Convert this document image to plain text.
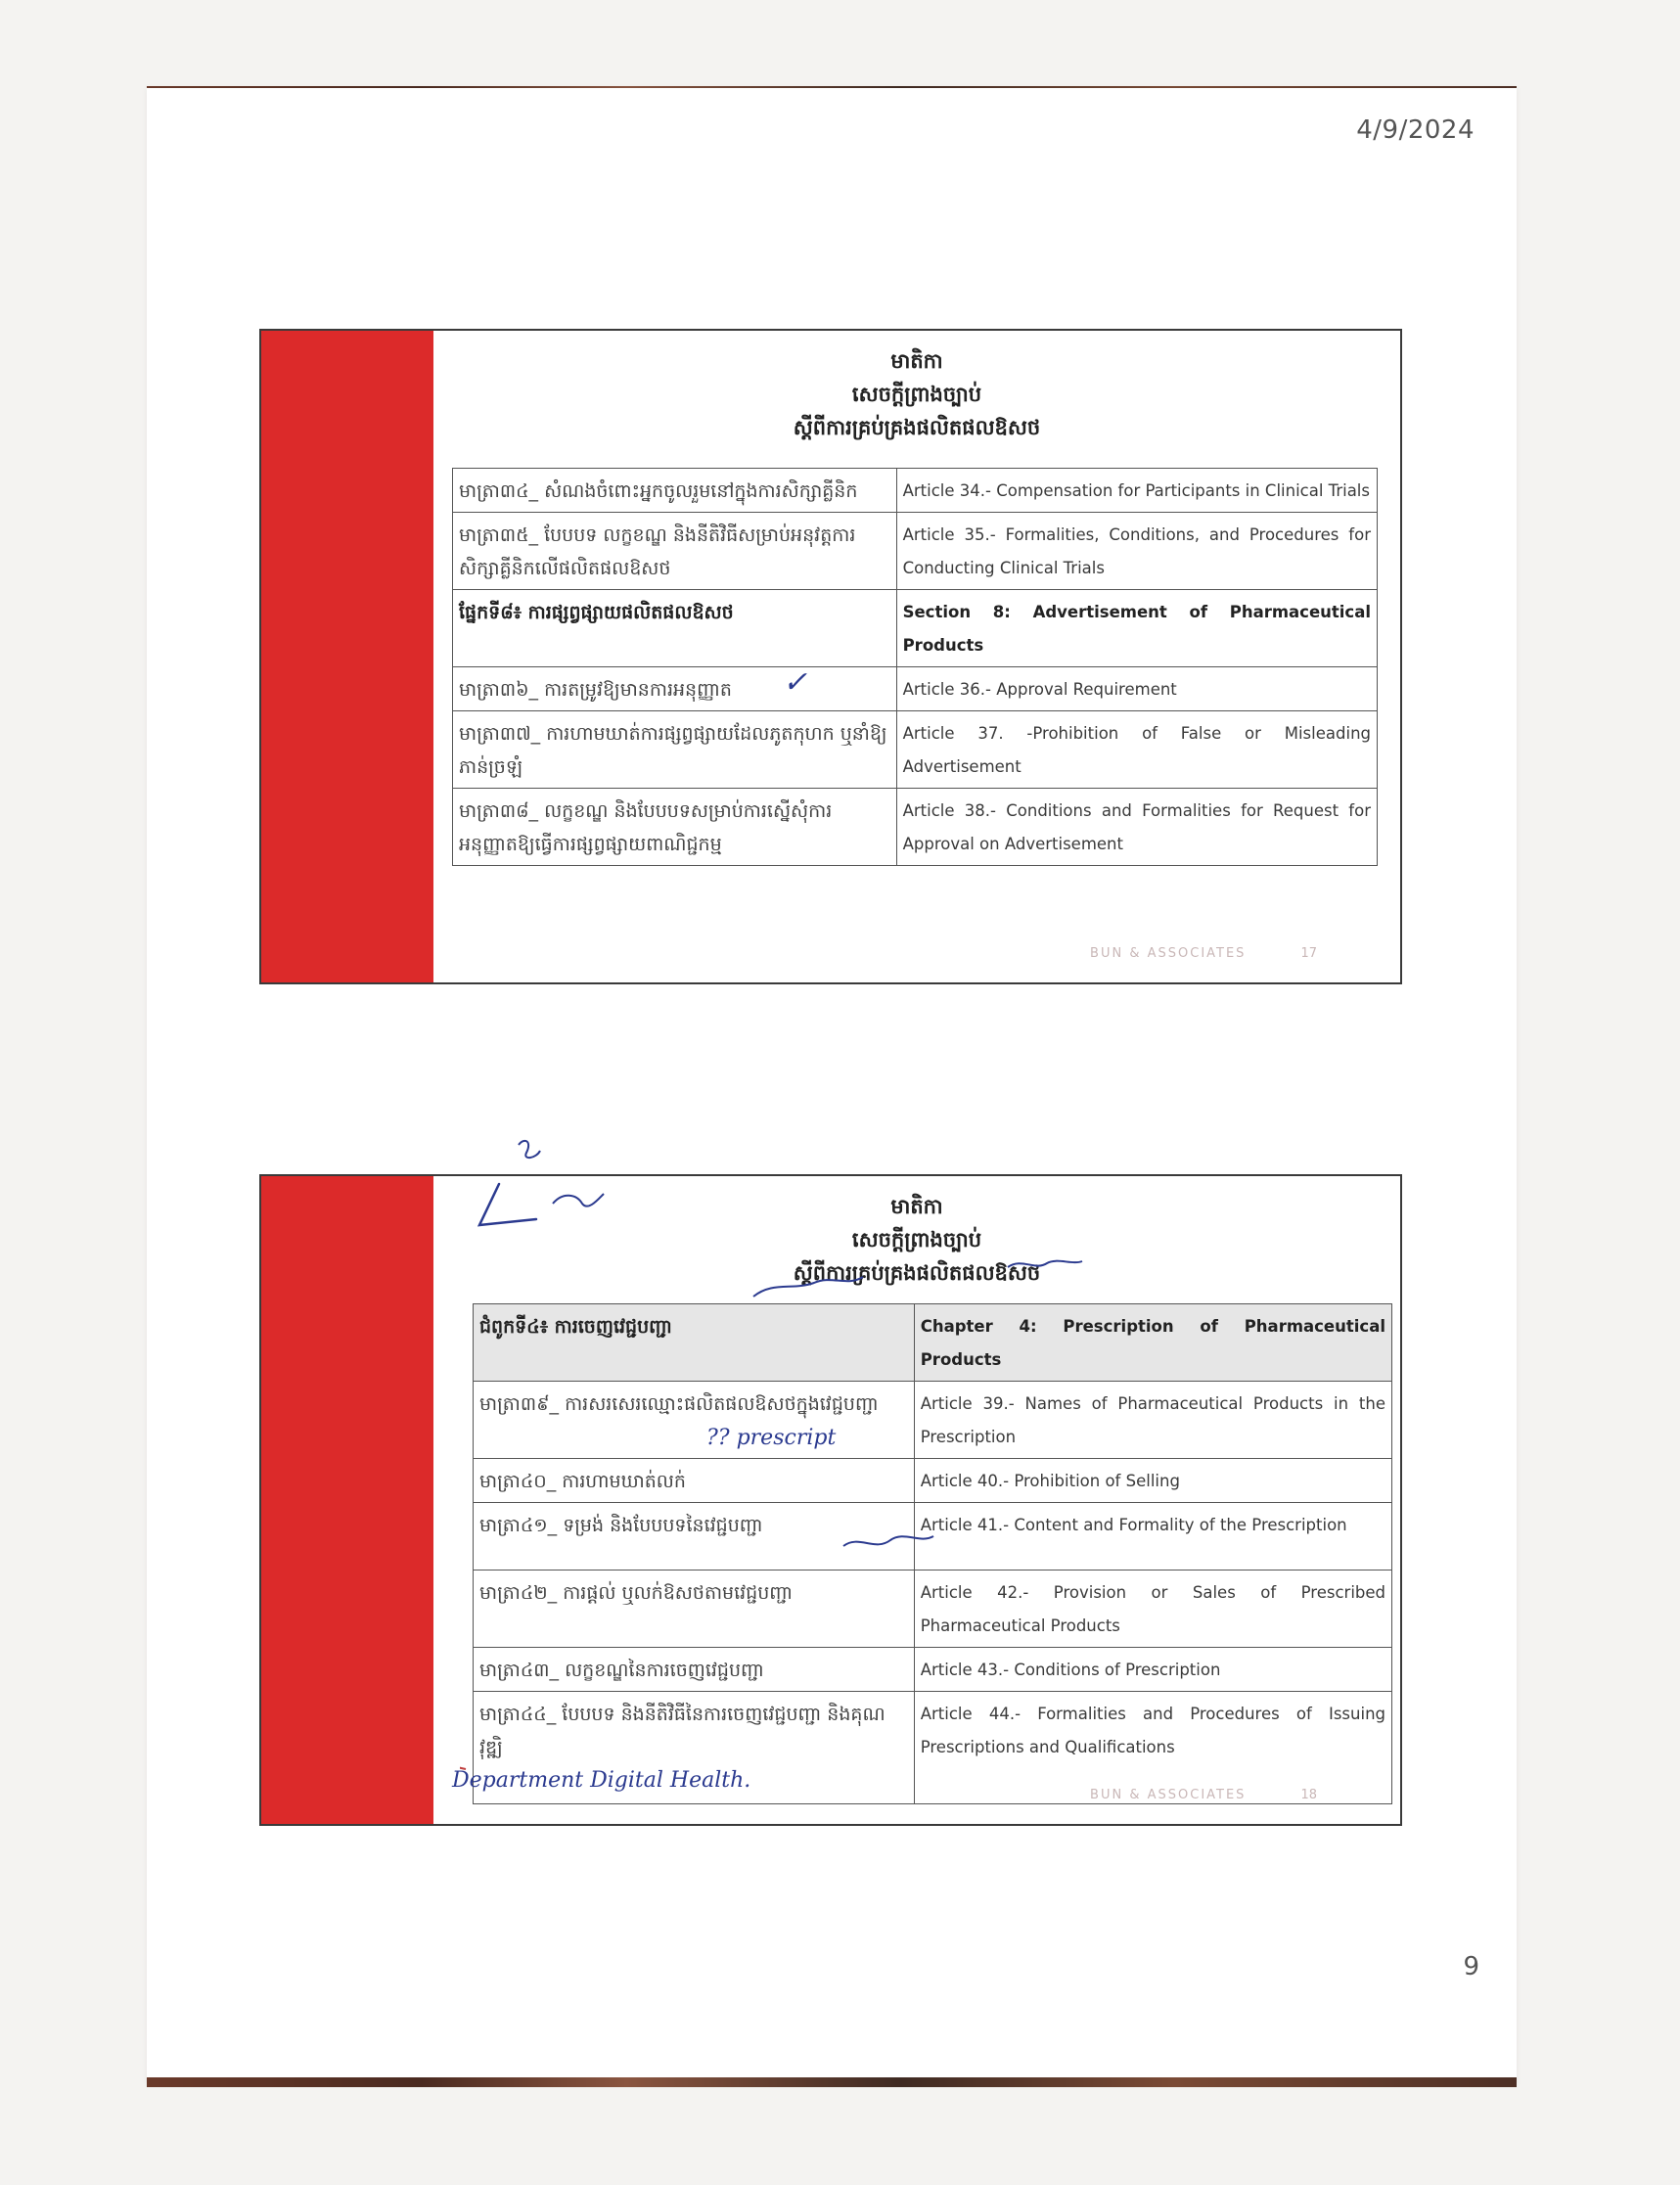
4/9/2024
មាតិកា
សេចក្ដីព្រាងច្បាប់
ស្ដីពីការគ្រប់គ្រងផលិតផលឱសថ
មាត្រា៣៤_ សំណងចំពោះអ្នកចូលរួមនៅក្នុងការសិក្សាគ្លីនិក	Article 34.- Compensation for Participants in Clinical Trials
មាត្រា៣៥_ បែបបទ លក្ខខណ្ឌ និងនីតិវិធីសម្រាប់អនុវត្តការសិក្សាគ្លីនិកលើផលិតផលឱសថ	Article 35.- Formalities, Conditions, and Procedures for Conducting Clinical Trials
ផ្នែកទី៨៖ ការផ្សព្វផ្សាយផលិតផលឱសថ	Section 8: Advertisement of Pharmaceutical Products
មាត្រា៣៦_ ការតម្រូវឱ្យមានការអនុញ្ញាត	Article 36.- Approval Requirement
មាត្រា៣៧_ ការហាមឃាត់ការផ្សព្វផ្សាយដែលភូតកុហក ឬនាំឱ្យភាន់ច្រឡំ	Article 37. -Prohibition of False or Misleading Advertisement
មាត្រា៣៨_ លក្ខខណ្ឌ និងបែបបទសម្រាប់ការស្នើសុំការអនុញ្ញាតឱ្យធ្វើការផ្សព្វផ្សាយពាណិជ្ជកម្ម	Article 38.- Conditions and Formalities for Request for Approval on Advertisement
BUN & ASSOCIATES	17
✓
មាតិកា
សេចក្ដីព្រាងច្បាប់
ស្ដីពីការគ្រប់គ្រងផលិតផលឱសថ
ជំពូកទី៤៖ ការចេញវេជ្ជបញ្ជា	Chapter 4: Prescription of Pharmaceutical Products
មាត្រា៣៩_ ការសរសេរឈ្មោះផលិតផលឱសថក្នុងវេជ្ជបញ្ជា	Article 39.- Names of Pharmaceutical Products in the Prescription
មាត្រា៤០_ ការហាមឃាត់លក់	Article 40.- Prohibition of Selling
មាត្រា៤១_ ទម្រង់ និងបែបបទនៃវេជ្ជបញ្ជា	Article 41.- Content and Formality of the Prescription
មាត្រា៤២_ ការផ្ដល់ ឬលក់ឱសថតាមវេជ្ជបញ្ជា	Article 42.- Provision or Sales of Prescribed Pharmaceutical Products
មាត្រា៤៣_ លក្ខខណ្ឌនៃការចេញវេជ្ជបញ្ជា	Article 43.- Conditions of Prescription
មាត្រា៤៤_ បែបបទ និងនីតិវិធីនៃការចេញវេជ្ជបញ្ជា និងគុណវុឌ្ឍិ	Article 44.- Formalities and Procedures of Issuing Prescriptions and Qualifications
BUN & ASSOCIATES	18
?? prescript
Department Digital Health.
9
